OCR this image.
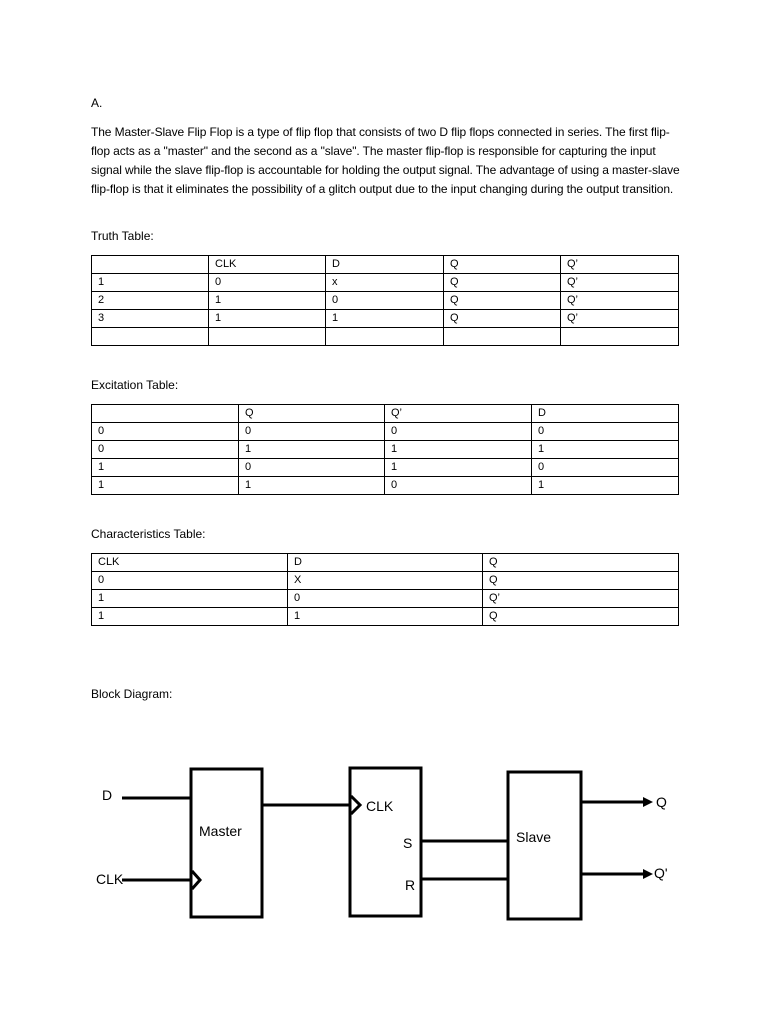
A.
The Master-Slave Flip Flop is a type of flip flop that consists of two D flip flops connected in series. The first flip-flop acts as a "master" and the second as a "slave". The master flip-flop is responsible for capturing the input signal while the slave flip-flop is accountable for holding the output signal. The advantage of using a master-slave flip-flop is that it eliminates the possibility of a glitch output due to the input changing during the output transition.
Truth Table:
	CLK	D	Q	Q’
1	0	x	Q	Q’
2	1	0	Q	Q’
3	1	1	Q	Q’

Excitation Table:
	Q	Q’	D
0	0	0	0
0	1	1	1
1	0	1	0
1	1	0	1
Characteristics Table:
CLK	D	Q
0	X	Q
1	0	Q’
1	1	Q
Block Diagram:
D
CLK
Master
CLK
S
R
Slave
Q
Q'
